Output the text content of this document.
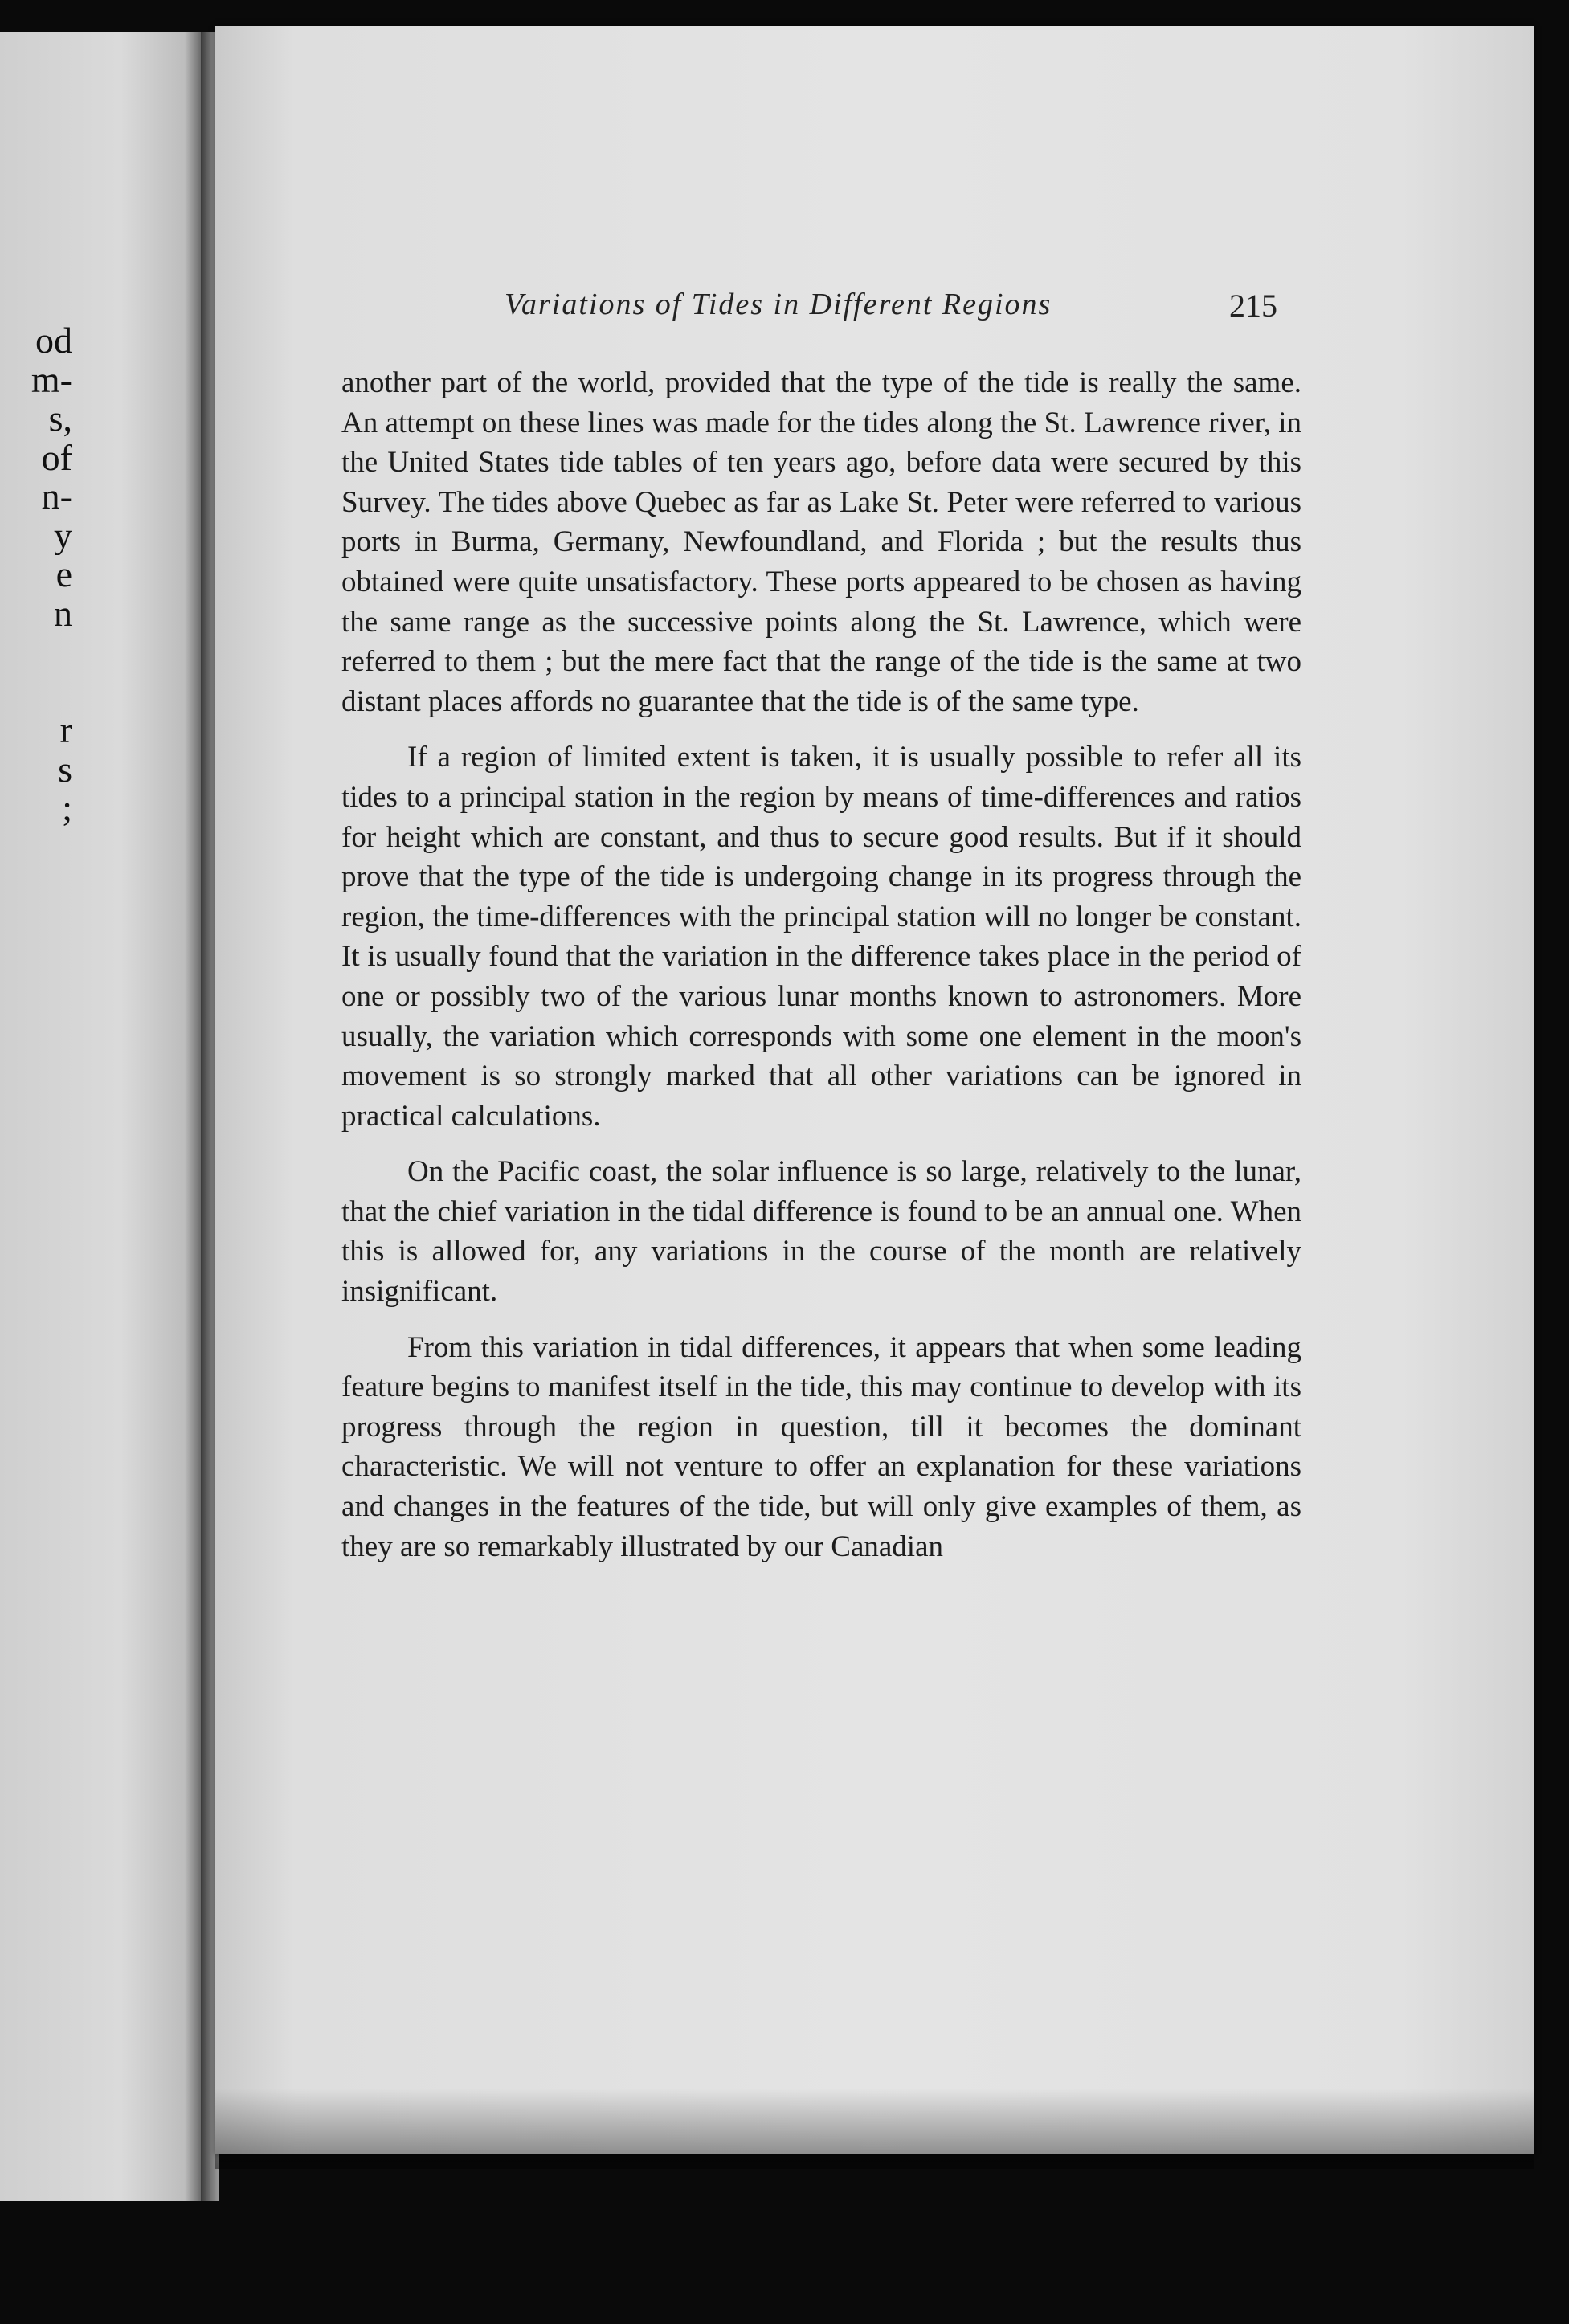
od
m-
s,
of
n-
y
e
n
r
s
;
Variations of Tides in Different Regions	215

another part of the world, provided that the type of the tide is really the same. An attempt on these lines was made for the tides along the St. Lawrence river, in the United States tide tables of ten years ago, before data were secured by this Survey. The tides above Quebec as far as Lake St. Peter were referred to various ports in Burma, Germany, Newfoundland, and Florida ; but the results thus obtained were quite unsatisfactory. These ports appeared to be chosen as having the same range as the successive points along the St. Lawrence, which were referred to them ; but the mere fact that the range of the tide is the same at two distant places affords no guarantee that the tide is of the same type.

If a region of limited extent is taken, it is usually possible to refer all its tides to a principal station in the region by means of time-differences and ratios for height which are constant, and thus to secure good results. But if it should prove that the type of the tide is undergoing change in its progress through the region, the time-differences with the principal station will no longer be constant. It is usually found that the variation in the difference takes place in the period of one or possibly two of the various lunar months known to astronomers. More usually, the variation which corresponds with some one element in the moon's movement is so strongly marked that all other variations can be ignored in practical calculations.

On the Pacific coast, the solar influence is so large, relatively to the lunar, that the chief variation in the tidal difference is found to be an annual one. When this is allowed for, any variations in the course of the month are relatively insignificant.

From this variation in tidal differences, it appears that when some leading feature begins to manifest itself in the tide, this may continue to develop with its progress through the region in question, till it becomes the dominant characteristic. We will not venture to offer an explanation for these variations and changes in the features of the tide, but will only give examples of them, as they are so remarkably illustrated by our Canadian
